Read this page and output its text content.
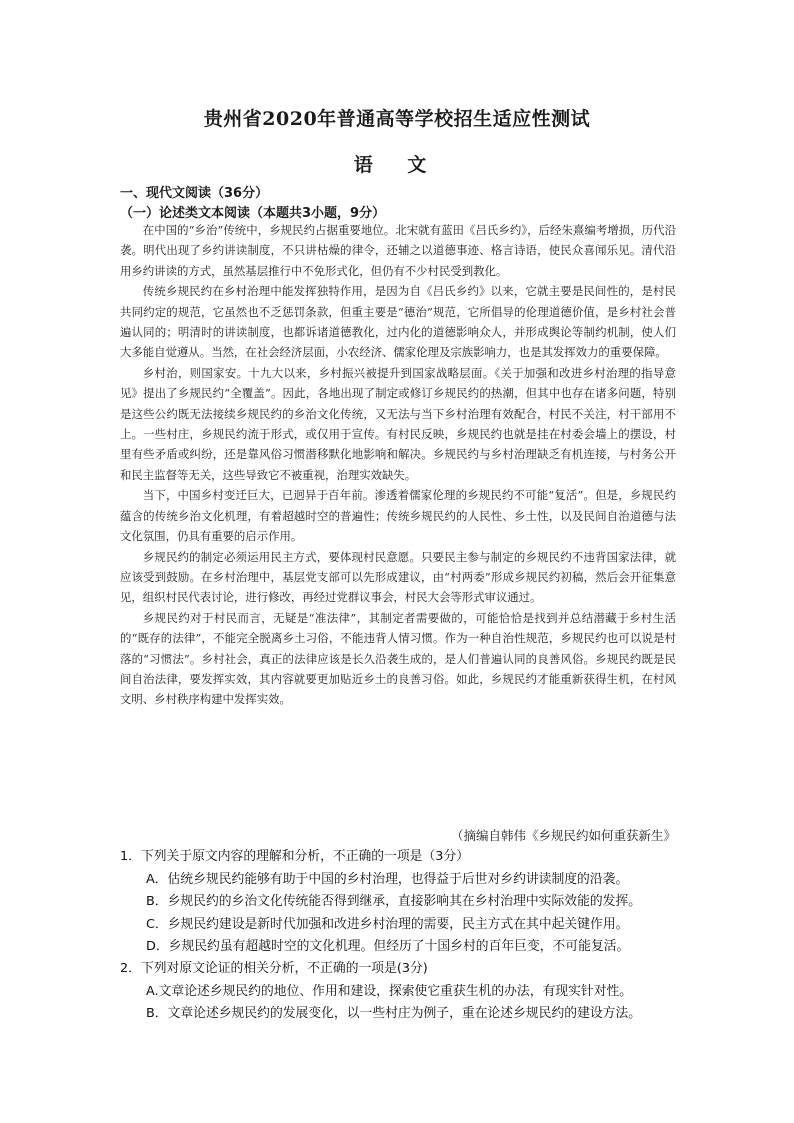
贵州省2020年普通高等学校招生适应性测试
语 文
一、现代文阅读（36分）
（一）论述类文本阅读（本题共3小题，9分）

在中国的“乡治”传统中，乡规民约占据重要地位。北宋就有蓝田《吕氏乡约》，后经朱熹编考增损，历代沿袭。明代出现了乡约讲读制度，不只讲枯燥的律令，还辅之以道德事迹、格言诗语，使民众喜闻乐见。清代沿用乡约讲读的方式，虽然基层推行中不免形式化，但仍有不少村民受到教化。

传统乡规民约在乡村治理中能发挥独特作用，是因为自《吕氏乡约》以来，它就主要是民间性的，是村民共同约定的规范，它虽然也不乏惩罚条款，但重主要是“德治”规范，它所倡导的伦理道德价值，是乡村社会普遍认同的；明清时的讲读制度，也都诉诸道德教化，过内化的道德影响众人，并形成舆论等制约机制，使人们大多能自觉遵从。当然，在社会经济层面，小农经济、儒家伦理及宗族影响力，也是其发挥效力的重要保障。

乡村治，则国家安。十九大以来，乡村振兴被提升到国家战略层面。《关于加强和改进乡村治理的指导意见》提出了乡规民约“全覆盖”。因此，各地出现了制定或修订乡规民约的热潮，但其中也存在诸多问题，特别是这些公约既无法接续乡规民约的乡治文化传统，又无法与当下乡村治理有效配合，村民不关注，村干部用不上。一些村庄，乡规民约流于形式，或仅用于宣传。有村民反映，乡规民约也就是挂在村委会墙上的摆设，村里有些矛盾或纠纷，还是靠风俗习惯潜移默化地影响和解决。乡规民约与乡村治理缺乏有机连接，与村务公开和民主监督等无关，这些导致它不被重视，治理实效缺失。

当下，中国乡村变迁巨大，已迥异于百年前。渗透着儒家伦理的乡规民约不可能“复活”。但是，乡规民约蕴含的传统乡治文化机理，有着超越时空的普遍性；传统乡规民约的人民性、乡土性，以及民间自治道德与法文化氛围，仍具有重要的启示作用。

乡规民约的制定必须运用民主方式，要体现村民意愿。只要民主参与制定的乡规民约不违背国家法律，就应该受到鼓励。在乡村治理中，基层党支部可以先形成建议，由“村两委”形成乡规民约初稿，然后会开征集意见，组织村民代表讨论，进行修改，再经过党群议事会，村民大会等形式审议通过。

乡规民约对于村民而言，无疑是“准法律”，其制定者需要做的，可能恰恰是找到并总结潜藏于乡村生活的“既存的法律”，不能完全脱离乡土习俗，不能违背人情习惯。作为一种自治性规范，乡规民约也可以说是村落的“习惯法”。乡村社会，真正的法律应该是长久沿袭生成的，是人们普遍认同的良善风俗。乡规民约既是民间自治法律，要发挥实效，其内容就要更加贴近乡土的良善习俗。如此，乡规民约才能重新获得生机，在村风文明、乡村秩序构建中发挥实效。

（摘编自韩伟《乡规民约如何重获新生》
1．下列关于原文内容的理解和分析，不正确的一项是（3分）
A．估统乡规民约能够有助于中国的乡村治理，也得益于后世对乡约讲读制度的沿袭。
B．乡规民约的乡治文化传统能否得到继承，直接影响其在乡村治理中实际效能的发挥。
C．乡规民约建设是新时代加强和改进乡村治理的需要，民主方式在其中起关键作用。
D．乡规民约虽有超越时空的文化机理。但经历了十国乡村的百年巨变，不可能复活。
2．下列对原文论证的相关分析，不正确的一项是(3分)
A.文章论述乡规民约的地位、作用和建设，探索使它重获生机的办法，有现实针对性。
B．文章论述乡规民约的发展变化，以一些村庄为例子，重在论述乡规民约的建设方法。
